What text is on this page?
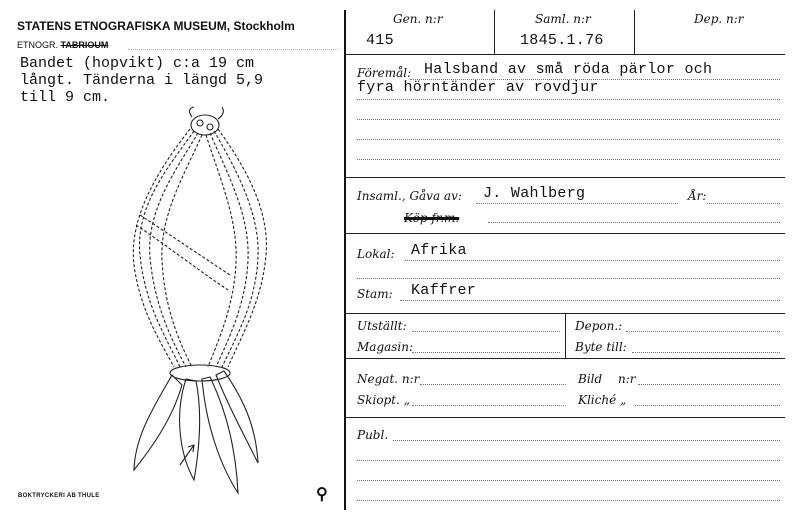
STATENS ETNOGRAFISKA MUSEUM, Stockholm
ETNOGR. TABRIOUM
Bandet (hopvikt) c:a 19 cm
långt. Tänderna i längd 5,9
till 9 cm.
BOKTRYCKERI AB THULE	⚲
Gen. n:r	Saml. n:r	Dep. n:r
415	1845.1.76
Föremål: Halsband av små röda pärlor och
fyra hörntänder av rovdjur
Insaml., Gåva av: J. Wahlberg	År:
Köp fr.m.
Lokal: Afrika
Stam: Kaffrer
Utställt:	Depon.:
Magasin:	Byte till:
Negat. n:r	Bild n:r
Skiopt. „	Kliché „
Publ.
